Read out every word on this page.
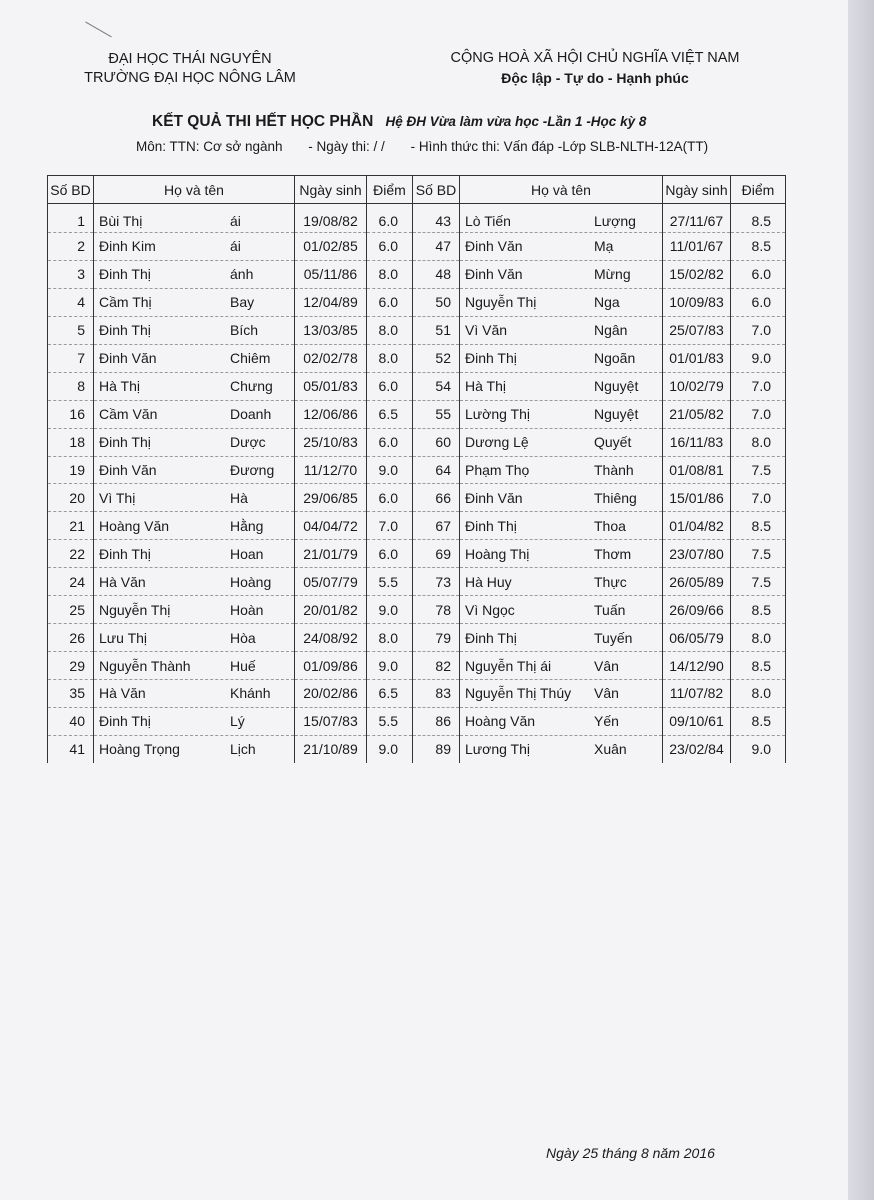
ĐẠI HỌC THÁI NGUYÊN
TRƯỜNG ĐẠI HỌC NÔNG LÂM
CỘNG HOÀ XÃ HỘI CHỦ NGHĨA VIỆT NAM
Độc lập - Tự do - Hạnh phúc
KẾT QUẢ THI HẾT HỌC PHẦN Hệ ĐH Vừa làm vừa học -Lần 1 -Học kỳ 8
Môn: TTN: Cơ sở ngành - Ngày thi: / / - Hình thức thi: Vấn đáp -Lớp SLB-NLTH-12A(TT)
Số BD	Họ và tên	Ngày sinh	Điểm	Số BD	Họ và tên	Ngày sinh	Điểm
1	Bùi Thị ái	19/08/82	6.0	43	Lò Tiến Lượng	27/11/67	8.5
2	Đinh Kim ái	01/02/85	6.0	47	Đinh Văn Mạ	11/01/67	8.5
3	Đinh Thị ánh	05/11/86	8.0	48	Đinh Văn Mừng	15/02/82	6.0
4	Cầm Thị Bay	12/04/89	6.0	50	Nguyễn Thị Nga	10/09/83	6.0
5	Đinh Thị Bích	13/03/85	8.0	51	Vì Văn Ngân	25/07/83	7.0
7	Đinh Văn Chiêm	02/02/78	8.0	52	Đinh Thị Ngoãn	01/01/83	9.0
8	Hà Thị Chưng	05/01/83	6.0	54	Hà Thị Nguyệt	10/02/79	7.0
16	Cầm Văn Doanh	12/06/86	6.5	55	Lường Thị Nguyệt	21/05/82	7.0
18	Đinh Thị Dược	25/10/83	6.0	60	Dương Lệ Quyết	16/11/83	8.0
19	Đinh Văn Đương	11/12/70	9.0	64	Phạm Thọ Thành	01/08/81	7.5
20	Vì Thị Hà	29/06/85	6.0	66	Đinh Văn Thiêng	15/01/86	7.0
21	Hoàng Văn Hằng	04/04/72	7.0	67	Đinh Thị Thoa	01/04/82	8.5
22	Đinh Thị Hoan	21/01/79	6.0	69	Hoàng Thị Thơm	23/07/80	7.5
24	Hà Văn Hoàng	05/07/79	5.5	73	Hà Huy Thực	26/05/89	7.5
25	Nguyễn Thị Hoàn	20/01/82	9.0	78	Vì Ngọc Tuấn	26/09/66	8.5
26	Lưu Thị Hòa	24/08/92	8.0	79	Đinh Thị Tuyến	06/05/79	8.0
29	Nguyễn Thành Huế	01/09/86	9.0	82	Nguyễn Thị ái Vân	14/12/90	8.5
35	Hà Văn Khánh	20/02/86	6.5	83	Nguyễn Thị Thúy Vân	11/07/82	8.0
40	Đinh Thị Lý	15/07/83	5.5	86	Hoàng Văn Yến	09/10/61	8.5
41	Hoàng Trọng Lịch	21/10/89	9.0	89	Lương Thị Xuân	23/02/84	9.0
Ngày 25 tháng 8 năm 2016
